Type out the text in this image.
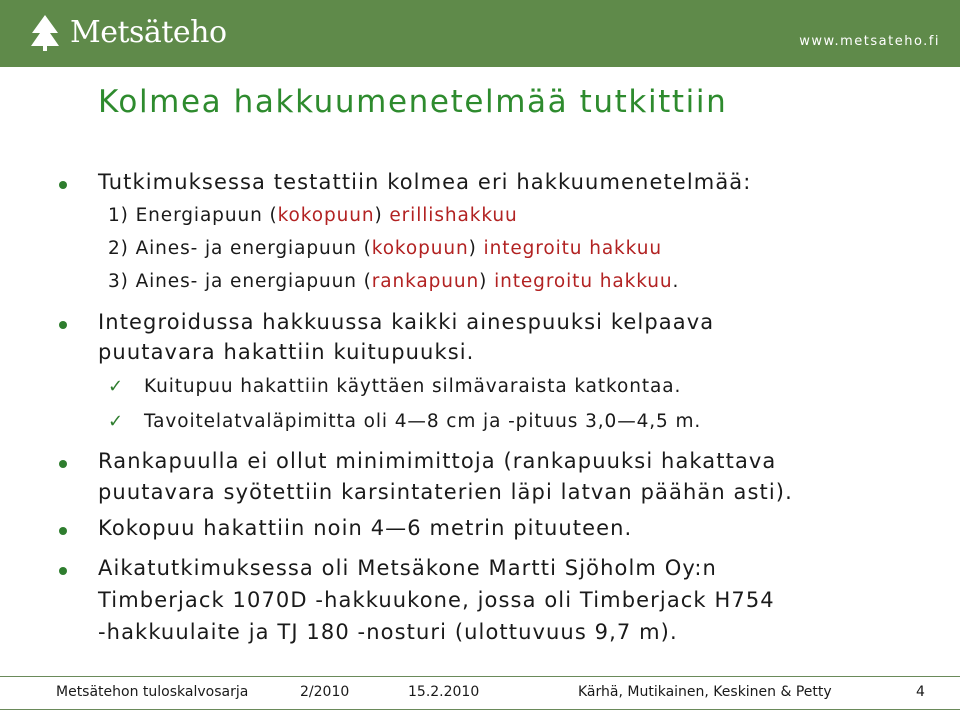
Metsäteho	www.metsateho.fi
Kolmea hakkuumenetelmää tutkittiin
Tutkimuksessa testattiin kolmea eri hakkuumenetelmää:
1) Energiapuun (kokopuun) erillishakkuu
2) Aines- ja energiapuun (kokopuun) integroitu hakkuu
3) Aines- ja energiapuun (rankapuun) integroitu hakkuu.
Integroidussa hakkuussa kaikki ainespuuksi kelpaava
puutavara hakattiin kuitupuuksi.
✓ Kuitupuu hakattiin käyttäen silmävaraista katkontaa.
✓ Tavoitelatvaläpimitta oli 4—8 cm ja -pituus 3,0—4,5 m.
Rankapuulla ei ollut minimimittoja (rankapuuksi hakattava
puutavara syötettiin karsintaterien läpi latvan päähän asti).
Kokopuu hakattiin noin 4—6 metrin pituuteen.
Aikatutkimuksessa oli Metsäkone Martti Sjöholm Oy:n
Timberjack 1070D -hakkuukone, jossa oli Timberjack H754
-hakkuulaite ja TJ 180 -nosturi (ulottuvuus 9,7 m).
Metsätehon tuloskalvosarja	2/2010	15.2.2010	Kärhä, Mutikainen, Keskinen & Petty	4
